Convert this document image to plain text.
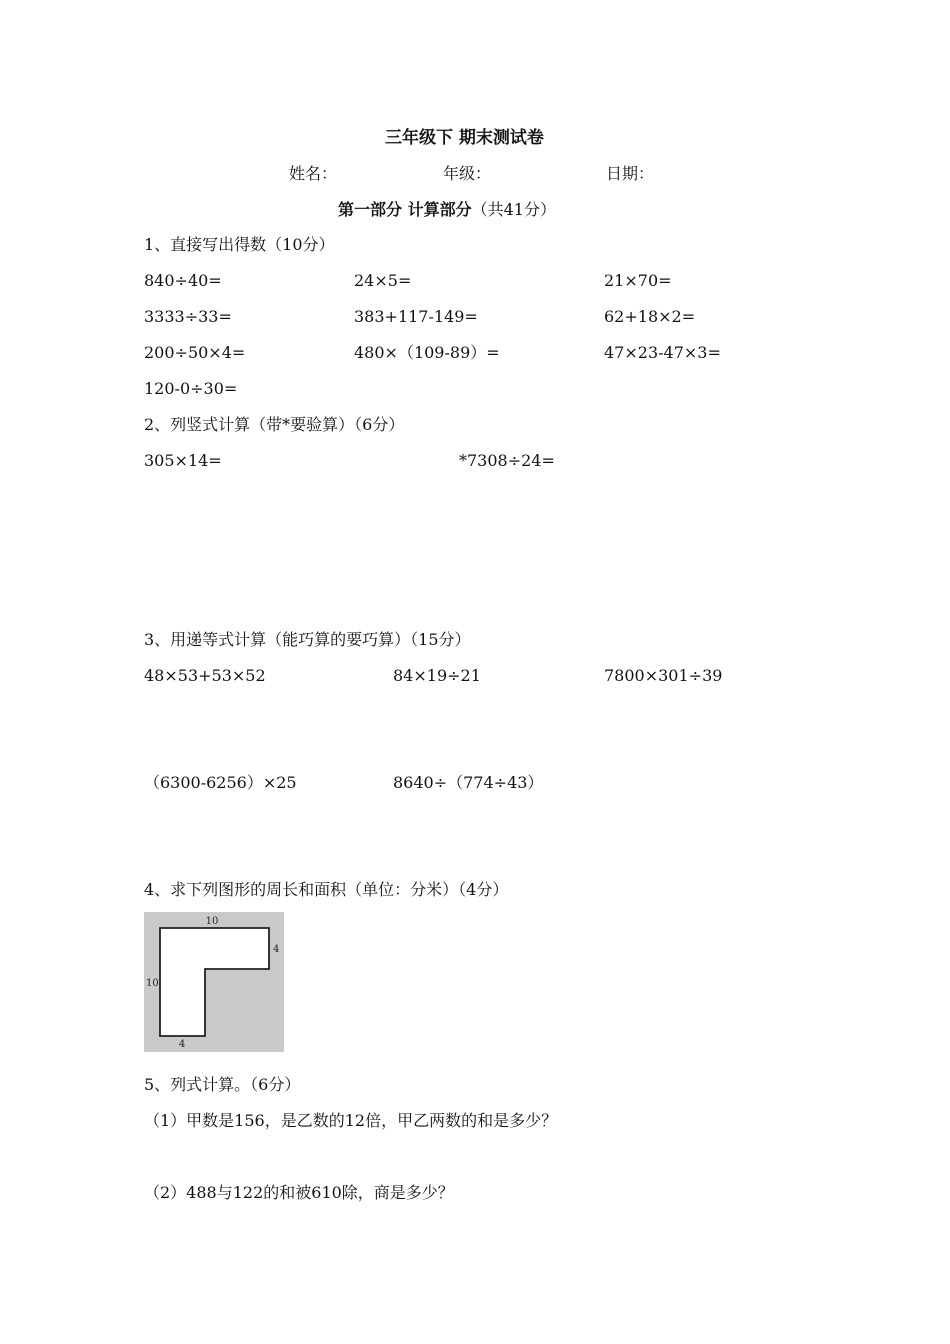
三年级下 期末测试卷
姓名：	年级：	日期：
第一部分 计算部分（共41分）
1、直接写出得数（10分）
840÷40=	24×5=	21×70=
3333÷33=	383+117-149=	62+18×2=
200÷50×4=	480×（109-89）=	47×23-47×3=
120-0÷30=
2、列竖式计算（带*要验算）（6分）
305×14=	*7308÷24=
3、用递等式计算（能巧算的要巧算）（15分）
48×53+53×52	84×19÷21	7800×301÷39
（6300-6256）×25	8640÷（774÷43）
4、求下列图形的周长和面积（单位：分米）（4分）
10
4
10
4
5、列式计算。（6分）
（1）甲数是156，是乙数的12倍，甲乙两数的和是多少？
（2）488与122的和被610除，商是多少？
